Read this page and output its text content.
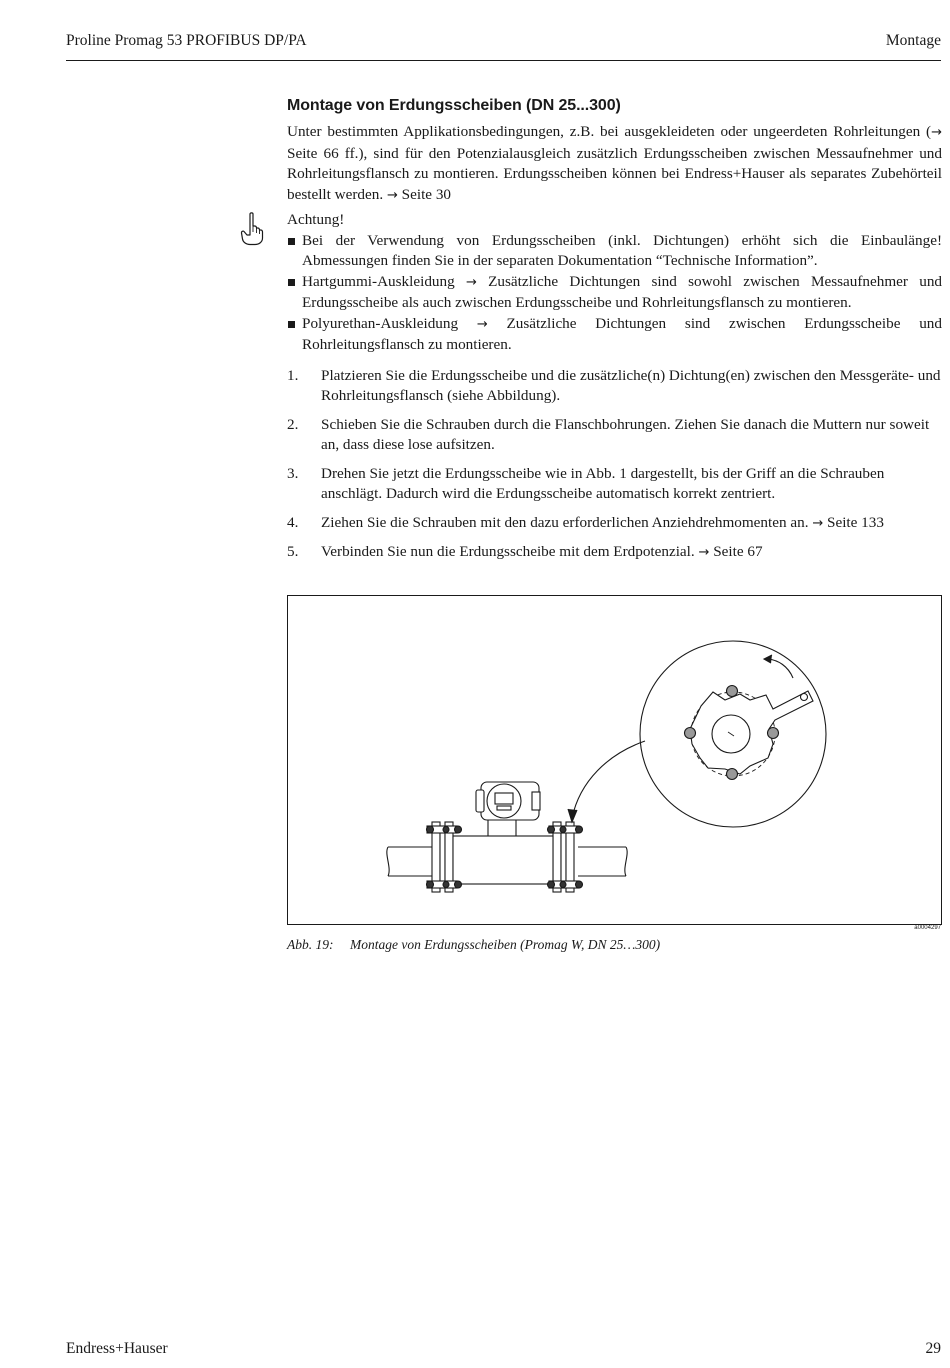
Proline Promag 53 PROFIBUS DP/PA	Montage
Montage von Erdungsscheiben (DN 25...300)

Unter bestimmten Applikationsbedingungen, z.B. bei ausgekleideten oder ungeerdeten Rohrleitungen (→ Seite 66 ff.), sind für den Potenzialausgleich zusätzlich Erdungsscheiben zwischen Messaufnehmer und Rohrleitungsflansch zu montieren. Erdungsscheiben können bei Endress+Hauser als separates Zubehörteil bestellt werden. → Seite 30

Achtung!

Bei der Verwendung von Erdungsscheiben (inkl. Dichtungen) erhöht sich die Einbaulänge! Abmessungen finden Sie in der separaten Dokumentation “Technische Information”.
Hartgummi-Auskleidung → Zusätzliche Dichtungen sind sowohl zwischen Messaufnehmer und Erdungsscheibe als auch zwischen Erdungsscheibe und Rohrleitungsflansch zu montieren.
Polyurethan-Auskleidung → Zusätzliche Dichtungen sind zwischen Erdungsscheibe und Rohrleitungsflansch zu montieren.
1. Platzieren Sie die Erdungsscheibe und die zusätzliche(n) Dichtung(en) zwischen den Messgeräte- und Rohrleitungsflansch (siehe Abbildung).
2. Schieben Sie die Schrauben durch die Flanschbohrungen. Ziehen Sie danach die Muttern nur soweit an, dass diese lose aufsitzen.
3. Drehen Sie jetzt die Erdungsscheibe wie in Abb. 1 dargestellt, bis der Griff an die Schrauben anschlägt. Dadurch wird die Erdungsscheibe automatisch korrekt zentriert.
4. Ziehen Sie die Schrauben mit den dazu erforderlichen Anziehdrehmomenten an. → Seite 133
5. Verbinden Sie nun die Erdungsscheibe mit dem Erdpotenzial. → Seite 67
a0004297
Abb. 19: Montage von Erdungsscheiben (Promag W, DN 25…300)
Endress+Hauser	29
